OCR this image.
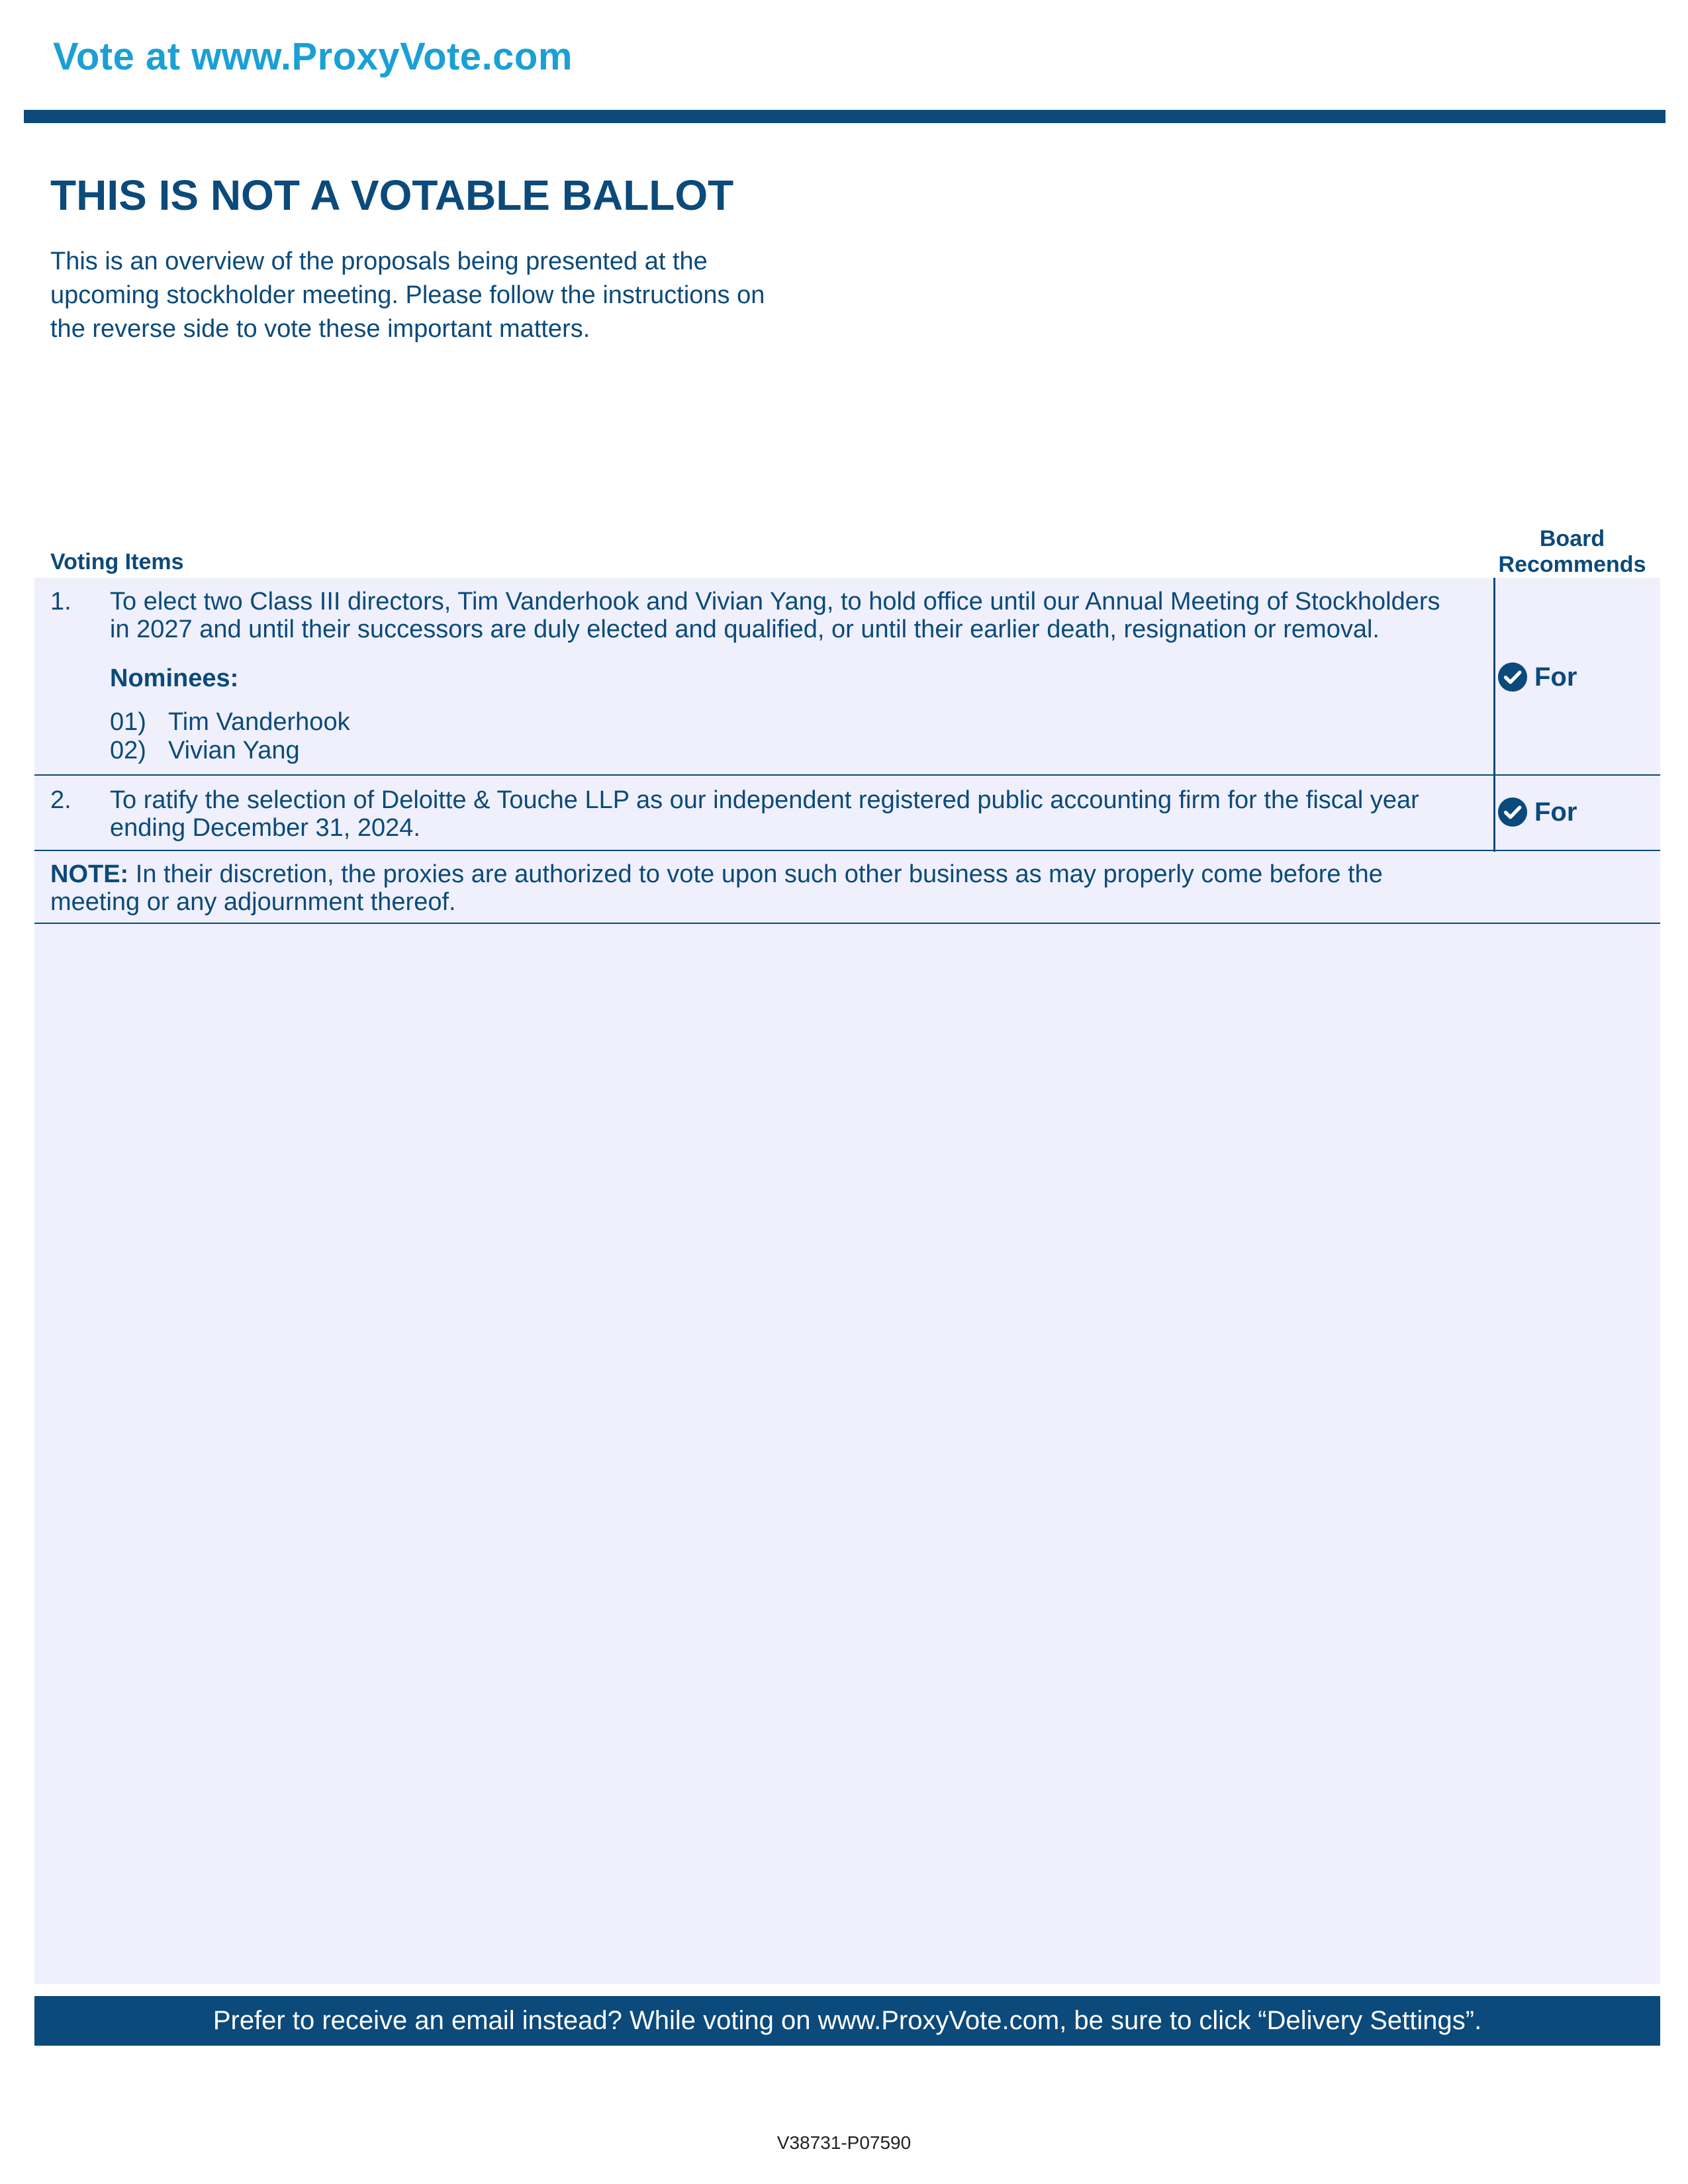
Vote at www.ProxyVote.com
THIS IS NOT A VOTABLE BALLOT
This is an overview of the proposals being presented at the
upcoming stockholder meeting. Please follow the instructions on
the reverse side to vote these important matters.
Voting Items
Board
Recommends
1. To elect two Class III directors, Tim Vanderhook and Vivian Yang, to hold office until our Annual Meeting of Stockholders
in 2027 and until their successors are duly elected and qualified, or until their earlier death, resignation or removal.
Nominees:
01) Tim Vanderhook
02) Vivian Yang
For
2. To ratify the selection of Deloitte & Touche LLP as our independent registered public accounting firm for the fiscal year
ending December 31, 2024.
For
NOTE: In their discretion, the proxies are authorized to vote upon such other business as may properly come before the
meeting or any adjournment thereof.
Prefer to receive an email instead? While voting on www.ProxyVote.com, be sure to click “Delivery Settings”.
V38731-P07590
